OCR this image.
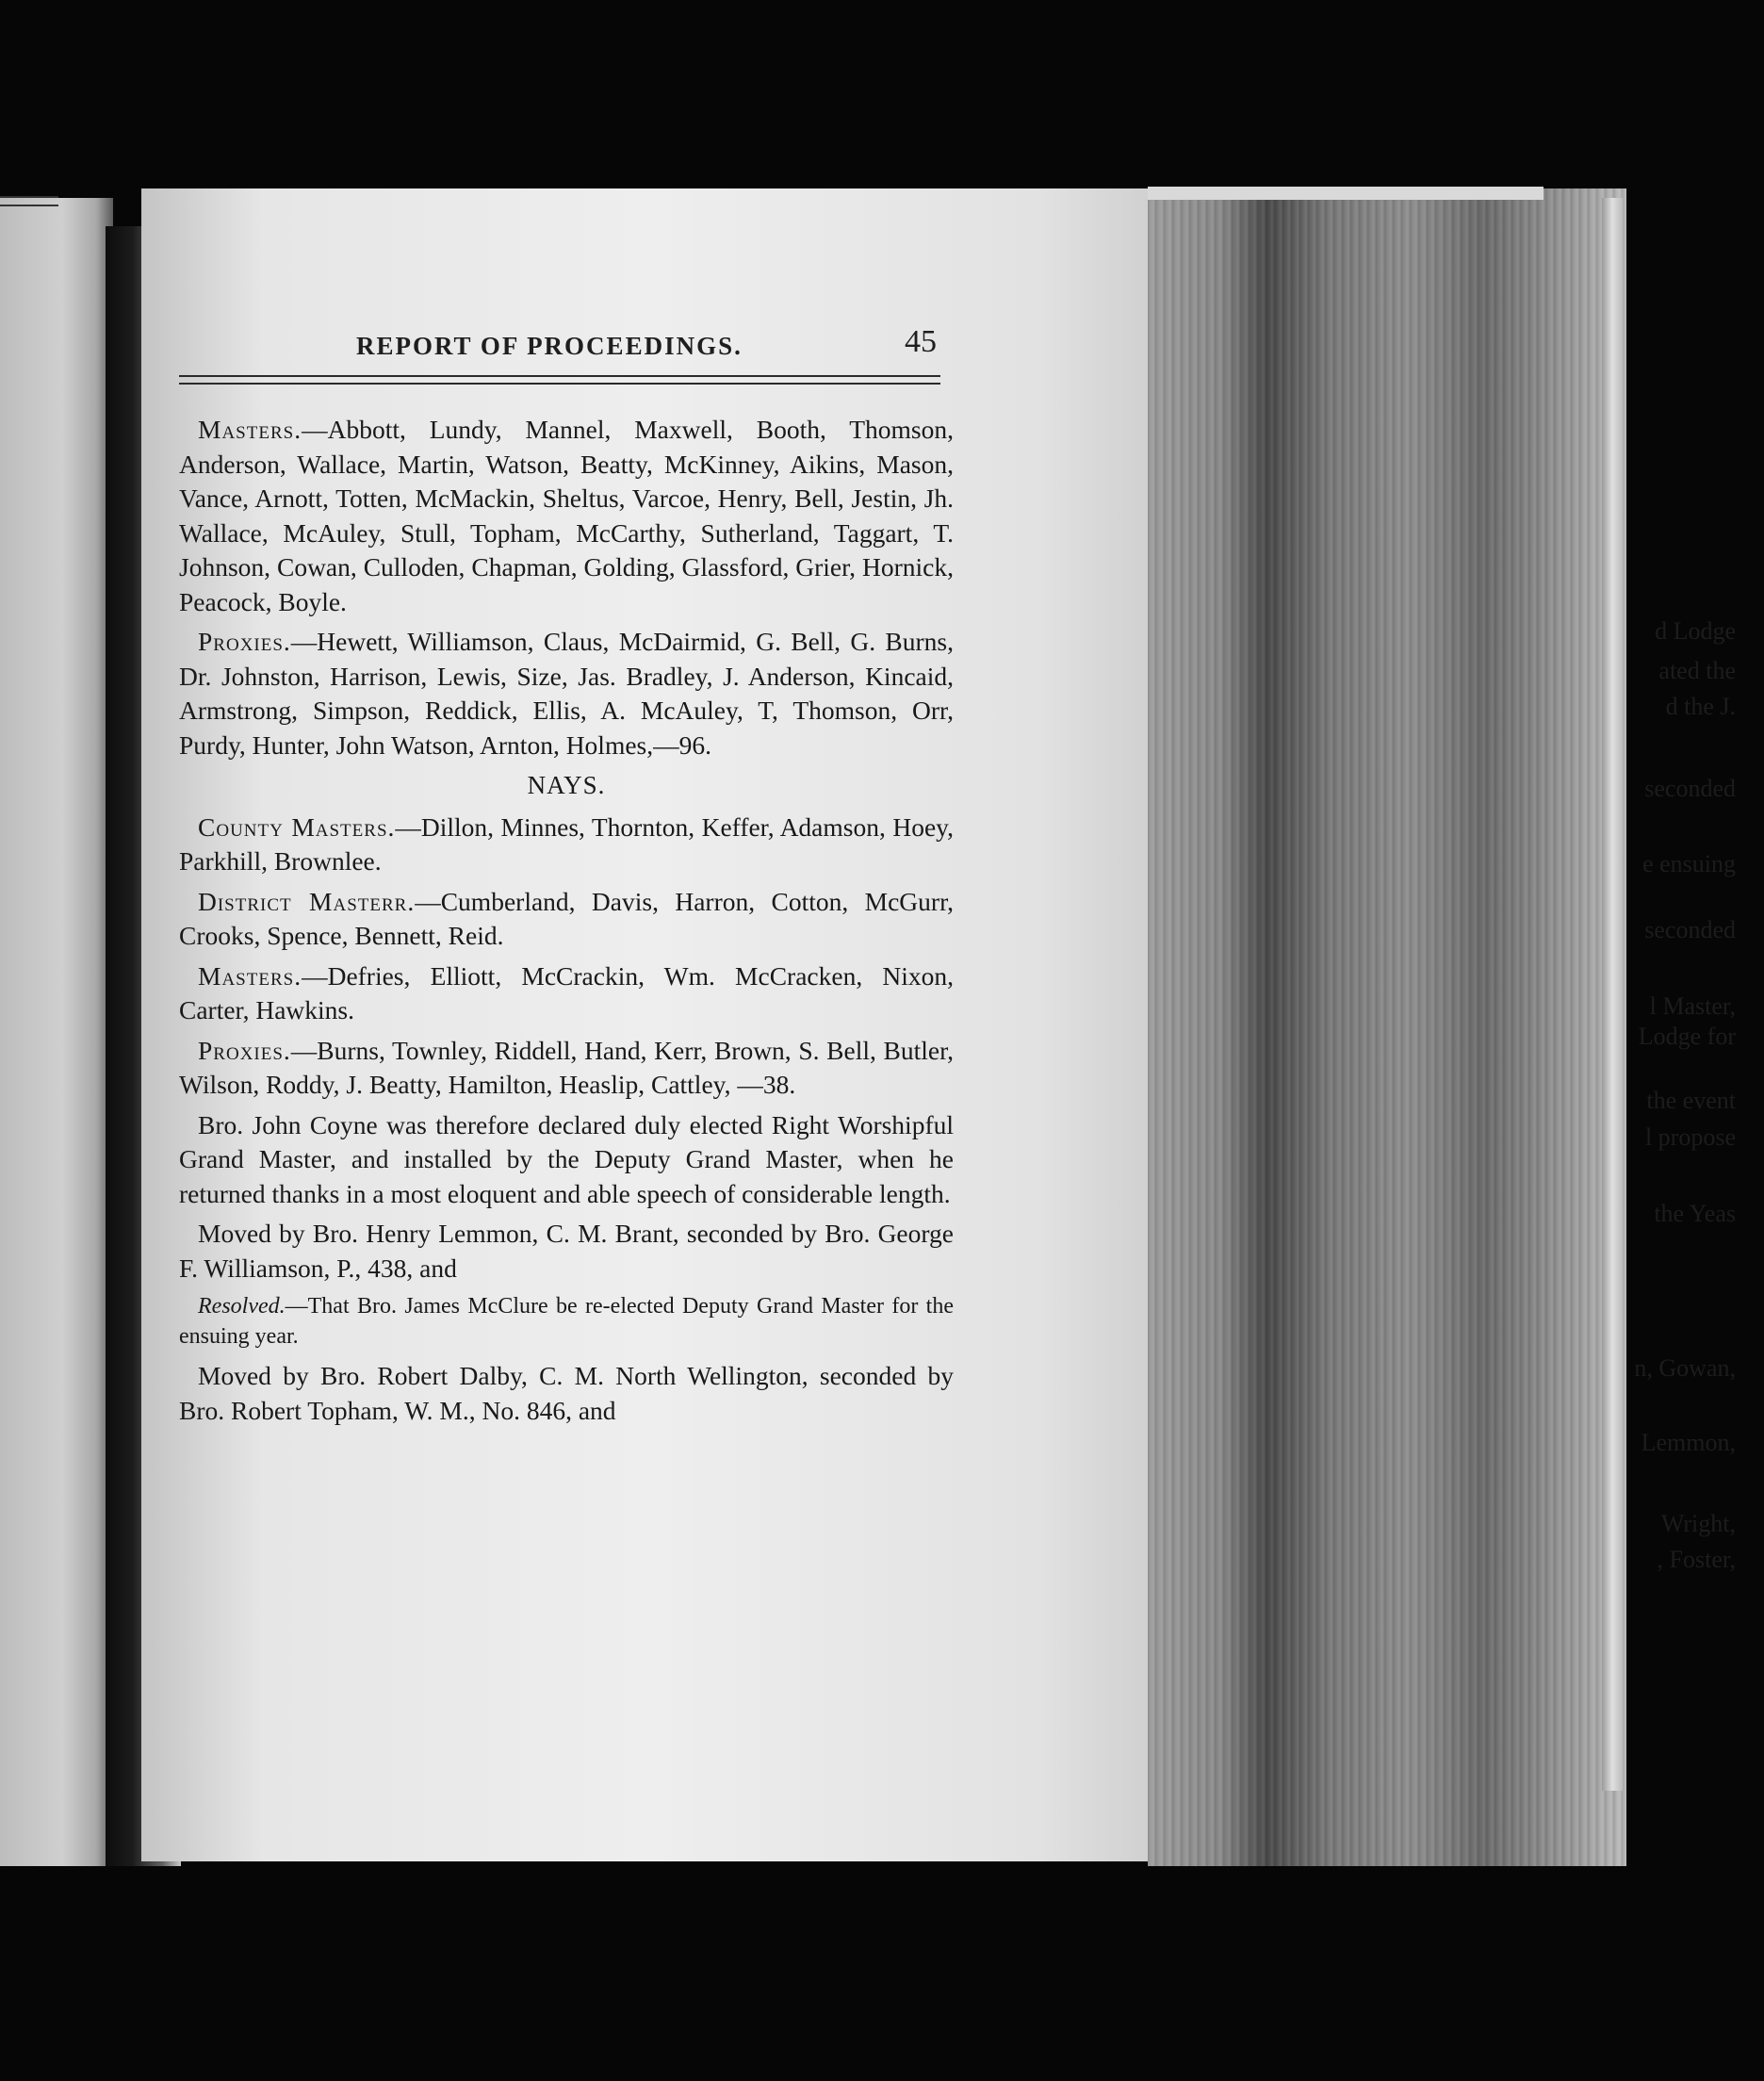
d Lodge
ated the
d the J.
seconded
e ensuing
seconded
l Master,
Lodge for
the event
l propose
the Yeas
n, Gowan,
Lemmon,
Wright,
, Foster,
REPORT OF PROCEEDINGS.	45

Masters.—Abbott, Lundy, Mannel, Maxwell, Booth, Thomson, Anderson, Wallace, Martin, Watson, Beatty, McKinney, Aikins, Mason, Vance, Arnott, Totten, McMackin, Sheltus, Varcoe, Henry, Bell, Jestin, Jh. Wallace, McAuley, Stull, Topham, McCarthy, Sutherland, Taggart, T. Johnson, Cowan, Culloden, Chapman, Golding, Glassford, Grier, Hornick, Peacock, Boyle.

Proxies.—Hewett, Williamson, Claus, McDairmid, G. Bell, G. Burns, Dr. Johnston, Harrison, Lewis, Size, Jas. Bradley, J. Anderson, Kincaid, Armstrong, Simpson, Reddick, Ellis, A. McAuley, T, Thomson, Orr, Purdy, Hunter, John Watson, Arnton, Holmes,—96.

NAYS.

County Masters.—Dillon, Minnes, Thornton, Keffer, Adamson, Hoey, Parkhill, Brownlee.

District Masterr.—Cumberland, Davis, Harron, Cotton, McGurr, Crooks, Spence, Bennett, Reid.

Masters.—Defries, Elliott, McCrackin, Wm. McCracken, Nixon, Carter, Hawkins.

Proxies.—Burns, Townley, Riddell, Hand, Kerr, Brown, S. Bell, Butler, Wilson, Roddy, J. Beatty, Hamilton, Heaslip, Cattley, —38.

Bro. John Coyne was therefore declared duly elected Right Worshipful Grand Master, and installed by the Deputy Grand Master, when he returned thanks in a most eloquent and able speech of considerable length.

Moved by Bro. Henry Lemmon, C. M. Brant, seconded by Bro. George F. Williamson, P., 438, and

Resolved.—That Bro. James McClure be re-elected Deputy Grand Master for the ensuing year.

Moved by Bro. Robert Dalby, C. M. North Wellington, seconded by Bro. Robert Topham, W. M., No. 846, and
